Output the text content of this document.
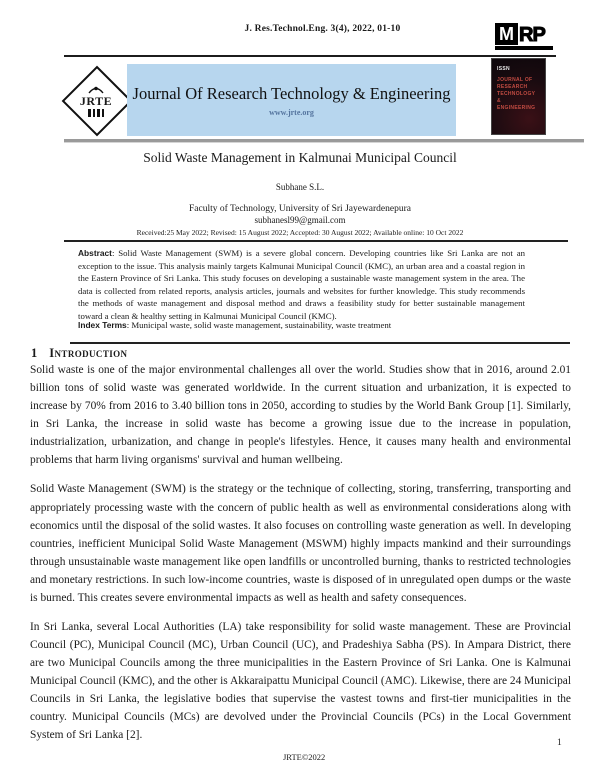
J. Res.Technol.Eng. 3(4), 2022, 01-10	M RP
JRTE Journal Of Research Technology & Engineering
www.jrte.org
ISSN
JOURNAL OF
RESEARCH
TECHNOLOGY
& ENGINEERING
Solid Waste Management in Kalmunai Municipal Council
Subhane S.L.
Faculty of Technology, University of Sri Jayewardenepura
subhanesl99@gmail.com
Received:25 May 2022; Revised: 15 August 2022; Accepted: 30 August 2022; Available online: 10 Oct 2022
Abstract: Solid Waste Management (SWM) is a severe global concern. Developing countries like Sri Lanka are not an exception to the issue. This analysis mainly targets Kalmunai Municipal Council (KMC), an urban area and a coastal region in the Eastern Province of Sri Lanka. This study focuses on developing a sustainable waste management system in the area. The data is collected from related reports, analysis articles, journals and websites for further knowledge. This study recommends the methods of waste management and disposal method and draws a feasibility study for better sustainable management toward a clean & healthy setting in Kalmunai Municipal Council (KMC).
Index Terms: Municipal waste, solid waste management, sustainability, waste treatment
1 Introduction

Solid waste is one of the major environmental challenges all over the world. Studies show that in 2016, around 2.01 billion tons of solid waste was generated worldwide. In the current situation and urbanization, it is expected to increase by 70% from 2016 to 3.40 billion tons in 2050, according to studies by the World Bank Group [1]. Similarly, in Sri Lanka, the increase in solid waste has become a growing issue due to the increase in population, industrialization, urbanization, and change in people's lifestyles. Hence, it causes many health and environmental problems that harm living organisms' survival and human wellbeing.

Solid Waste Management (SWM) is the strategy or the technique of collecting, storing, transferring, transporting and appropriately processing waste with the concern of public health as well as environmental considerations along with economics until the disposal of the solid wastes. It also focuses on controlling waste generation as well. In developing countries, inefficient Municipal Solid Waste Management (MSWM) highly impacts mankind and their surroundings through unsustainable waste management like open landfills or uncontrolled burning, thanks to restricted technologies and monetary restrictions. In such low-income countries, waste is disposed of in unregulated open dumps or the waste is burned. This creates severe environmental impacts as well as health and safety consequences.

In Sri Lanka, several Local Authorities (LA) take responsibility for solid waste management. These are Provincial Council (PC), Municipal Council (MC), Urban Council (UC), and Pradeshiya Sabha (PS). In Ampara District, there are two Municipal Councils among the three municipalities in the Eastern Province of Sri Lanka. One is Kalmunai Municipal Council (KMC), and the other is Akkaraipattu Municipal Council (AMC). Likewise, there are 24 Municipal Councils in Sri Lanka, the legislative bodies that supervise the vastest towns and first-tier municipalities in the country. Municipal Councils (MCs) are devolved under the Provincial Councils (PCs) in the Local Government System of Sri Lanka [2].

JRTE©2022
1
